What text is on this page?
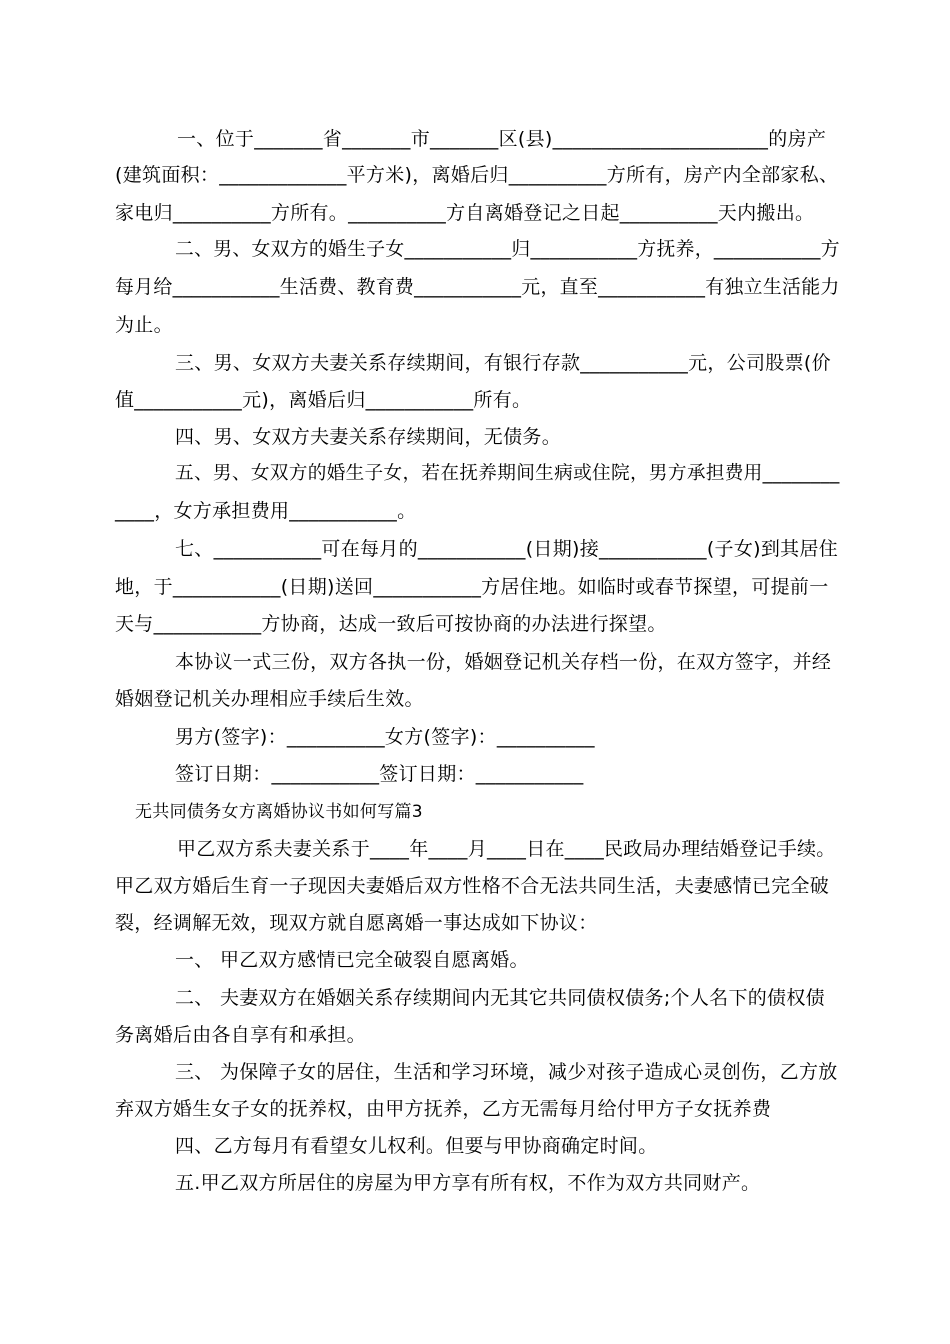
一、位于_______省_______市_______区(县)______________________的房产
(建筑面积：_____________平方米)，离婚后归__________方所有，房产内全部家私、
家电归__________方所有。__________方自离婚登记之日起__________天内搬出。
二、男、女双方的婚生子女___________归___________方抚养，___________方
每月给___________生活费、教育费___________元，直至___________有独立生活能力
为止。
三、男、女双方夫妻关系存续期间，有银行存款___________元，公司股票(价
值___________元)，离婚后归___________所有。
四、男、女双方夫妻关系存续期间，无债务。
五、男、女双方的婚生子女，若在抚养期间生病或住院，男方承担费用________
____，女方承担费用___________。
七、___________可在每月的___________(日期)接___________(子女)到其居住
地，于___________(日期)送回___________方居住地。如临时或春节探望，可提前一
天与___________方协商，达成一致后可按协商的办法进行探望。
本协议一式三份，双方各执一份，婚姻登记机关存档一份，在双方签字，并经
婚姻登记机关办理相应手续后生效。
男方(签字)：__________女方(签字)：__________
签订日期：___________签订日期：___________
无共同债务女方离婚协议书如何写篇3
甲乙双方系夫妻关系于____年____月____日在____民政局办理结婚登记手续。
甲乙双方婚后生育一子现因夫妻婚后双方性格不合无法共同生活，夫妻感情已完全破
裂，经调解无效，现双方就自愿离婚一事达成如下协议：
一、 甲乙双方感情已完全破裂自愿离婚。
二、 夫妻双方在婚姻关系存续期间内无其它共同债权债务;个人名下的债权债
务离婚后由各自享有和承担。
三、 为保障子女的居住，生活和学习环境，减少对孩子造成心灵创伤，乙方放
弃双方婚生女子女的抚养权，由甲方抚养，乙方无需每月给付甲方子女抚养费
四、乙方每月有看望女儿权利。但要与甲协商确定时间。
五.甲乙双方所居住的房屋为甲方享有所有权，不作为双方共同财产。
